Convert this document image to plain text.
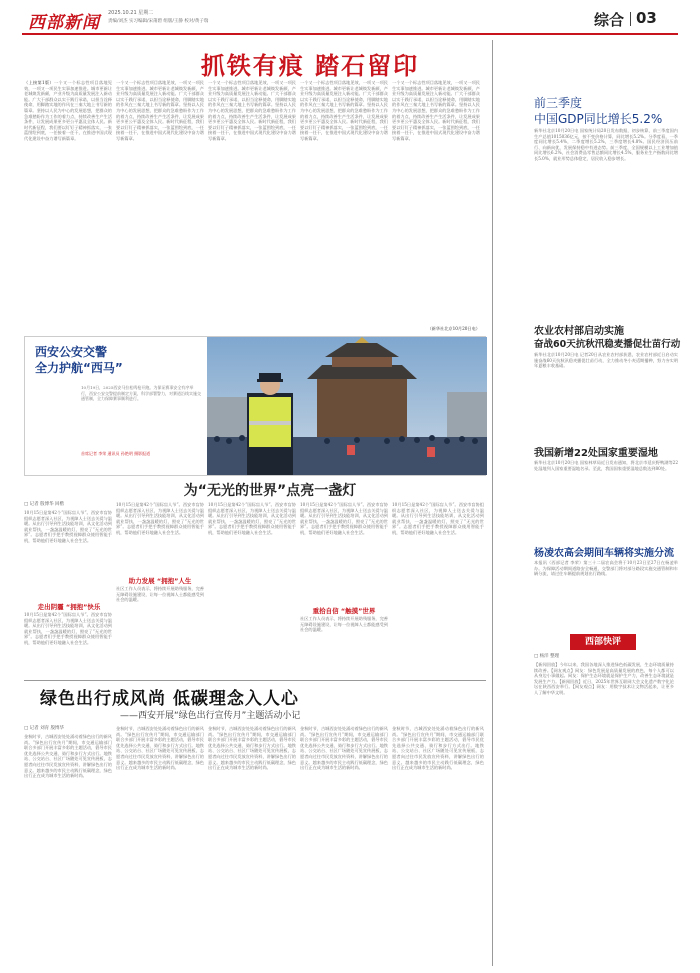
西部新闻 2025.10.21 星期二
责编/刘杰 实习编辑/宋莆碧 组版/王静 校对/黄子瑞	综合 03
抓铁有痕 踏石留印
（上接第1版）一个又一个标志性项目落地见效，一项又一项民生实事加速推进。城市更新让老城焕发新颜，产业升级为高质量发展注入新动能。广大干部群众以实干践行承诺，以担当诠释使命，用脚踏实地的作风在三秦大地上书写新的篇章。坚持以人民为中心的发展思想，把群众的急难愁盼作为工作的着力点，持续改善生产生活条件，让发展成果更多更公平惠及全体人民。新时代新征程，我们要以钉钉子精神抓落实，一张蓝图绘到底，一任接着一任干，在推进中国式现代化建设中奋力谱写新篇章。
一个又一个标志性项目落地见效，一项又一项民生实事加速推进。城市更新让老城焕发新颜，产业升级为高质量发展注入新动能。广大干部群众以实干践行承诺，以担当诠释使命，用脚踏实地的作风在三秦大地上书写新的篇章。坚持以人民为中心的发展思想，把群众的急难愁盼作为工作的着力点，持续改善生产生活条件，让发展成果更多更公平惠及全体人民。新时代新征程，我们要以钉钉子精神抓落实，一张蓝图绘到底，一任接着一任干，在推进中国式现代化建设中奋力谱写新篇章。
一个又一个标志性项目落地见效，一项又一项民生实事加速推进。城市更新让老城焕发新颜，产业升级为高质量发展注入新动能。广大干部群众以实干践行承诺，以担当诠释使命，用脚踏实地的作风在三秦大地上书写新的篇章。坚持以人民为中心的发展思想，把群众的急难愁盼作为工作的着力点，持续改善生产生活条件，让发展成果更多更公平惠及全体人民。新时代新征程，我们要以钉钉子精神抓落实，一张蓝图绘到底，一任接着一任干，在推进中国式现代化建设中奋力谱写新篇章。
一个又一个标志性项目落地见效，一项又一项民生实事加速推进。城市更新让老城焕发新颜，产业升级为高质量发展注入新动能。广大干部群众以实干践行承诺，以担当诠释使命，用脚踏实地的作风在三秦大地上书写新的篇章。坚持以人民为中心的发展思想，把群众的急难愁盼作为工作的着力点，持续改善生产生活条件，让发展成果更多更公平惠及全体人民。新时代新征程，我们要以钉钉子精神抓落实，一张蓝图绘到底，一任接着一任干，在推进中国式现代化建设中奋力谱写新篇章。
一个又一个标志性项目落地见效，一项又一项民生实事加速推进。城市更新让老城焕发新颜，产业升级为高质量发展注入新动能。广大干部群众以实干践行承诺，以担当诠释使命，用脚踏实地的作风在三秦大地上书写新的篇章。坚持以人民为中心的发展思想，把群众的急难愁盼作为工作的着力点，持续改善生产生活条件，让发展成果更多更公平惠及全体人民。新时代新征程，我们要以钉钉子精神抓落实，一张蓝图绘到底，一任接着一任干，在推进中国式现代化建设中奋力谱写新篇章。
（新华社北京10月20日电）
西安公安交警
全力护航“西马”
10月19日，2025西安马拉松鸣枪开跑。为保证赛事安全有序举行，西安公安交警提前制定方案，科学部署警力，对赛道沿线实施交通管制，全力保障赛事顺利进行。
首席记者 李荣 通讯员 孙艳明 摄影报道
为“无光的世界”点亮一盏灯
□ 记者 殷博华 回楷
10月15日是第42个“国际盲人节”。西安市盲协组织志愿者深入社区，为视障人士送去关爱与温暖。从出行引导到生活技能培训，从文化活动到就业帮扶，一盏盏温暖的灯，照亮了“无光的世界”。志愿者们手把手教授视障群众使用智能手机，帮助他们更好地融入社会生活。
走出阴霾 “拥抱”快乐
10月15日是第42个“国际盲人节”。西安市盲协组织志愿者深入社区，为视障人士送去关爱与温暖。从出行引导到生活技能培训，从文化活动到就业帮扶，一盏盏温暖的灯，照亮了“无光的世界”。志愿者们手把手教授视障群众使用智能手机，帮助他们更好地融入社会生活。
10月15日是第42个“国际盲人节”。西安市盲协组织志愿者深入社区，为视障人士送去关爱与温暖。从出行引导到生活技能培训，从文化活动到就业帮扶，一盏盏温暖的灯，照亮了“无光的世界”。志愿者们手把手教授视障群众使用智能手机，帮助他们更好地融入社会生活。
助力发展 “拥抱”人生
社区工作人员表示，将持续开展助残服务，完善无障碍设施建设，让每一位视障人士都能感受到社会的温暖。
10月15日是第42个“国际盲人节”。西安市盲协组织志愿者深入社区，为视障人士送去关爱与温暖。从出行引导到生活技能培训，从文化活动到就业帮扶，一盏盏温暖的灯，照亮了“无光的世界”。志愿者们手把手教授视障群众使用智能手机，帮助他们更好地融入社会生活。
10月15日是第42个“国际盲人节”。西安市盲协组织志愿者深入社区，为视障人士送去关爱与温暖。从出行引导到生活技能培训，从文化活动到就业帮扶，一盏盏温暖的灯，照亮了“无光的世界”。志愿者们手把手教授视障群众使用智能手机，帮助他们更好地融入社会生活。
重拾自信 “触摸”世界
社区工作人员表示，将持续开展助残服务，完善无障碍设施建设，让每一位视障人士都能感受到社会的温暖。
10月15日是第42个“国际盲人节”。西安市盲协组织志愿者深入社区，为视障人士送去关爱与温暖。从出行引导到生活技能培训，从文化活动到就业帮扶，一盏盏温暖的灯，照亮了“无光的世界”。志愿者们手把手教授视障群众使用智能手机，帮助他们更好地融入社会生活。
绿色出行成风尚 低碳理念入人心
——西安开展“绿色出行宣传月”主题活动小记
□ 记者 刘育 殷博华
金秋时节，古城西安处处涌动着绿色出行的新风尚。“绿色出行宣传月”期间，市交通运输部门联合多部门开展丰富多彩的主题活动，倡导市民优先选择公共交通、骑行和步行方式出行。地铁站、公交站台、社区广场随处可见宣传展板，志愿者向过往市民发放宣传资料，讲解绿色出行的意义。越来越多的市民主动践行低碳理念，绿色出行正在成为城市生活的新时尚。
金秋时节，古城西安处处涌动着绿色出行的新风尚。“绿色出行宣传月”期间，市交通运输部门联合多部门开展丰富多彩的主题活动，倡导市民优先选择公共交通、骑行和步行方式出行。地铁站、公交站台、社区广场随处可见宣传展板，志愿者向过往市民发放宣传资料，讲解绿色出行的意义。越来越多的市民主动践行低碳理念，绿色出行正在成为城市生活的新时尚。
金秋时节，古城西安处处涌动着绿色出行的新风尚。“绿色出行宣传月”期间，市交通运输部门联合多部门开展丰富多彩的主题活动，倡导市民优先选择公共交通、骑行和步行方式出行。地铁站、公交站台、社区广场随处可见宣传展板，志愿者向过往市民发放宣传资料，讲解绿色出行的意义。越来越多的市民主动践行低碳理念，绿色出行正在成为城市生活的新时尚。
金秋时节，古城西安处处涌动着绿色出行的新风尚。“绿色出行宣传月”期间，市交通运输部门联合多部门开展丰富多彩的主题活动，倡导市民优先选择公共交通、骑行和步行方式出行。地铁站、公交站台、社区广场随处可见宣传展板，志愿者向过往市民发放宣传资料，讲解绿色出行的意义。越来越多的市民主动践行低碳理念，绿色出行正在成为城市生活的新时尚。
金秋时节，古城西安处处涌动着绿色出行的新风尚。“绿色出行宣传月”期间，市交通运输部门联合多部门开展丰富多彩的主题活动，倡导市民优先选择公共交通、骑行和步行方式出行。地铁站、公交站台、社区广场随处可见宣传展板，志愿者向过往市民发放宣传资料，讲解绿色出行的意义。越来越多的市民主动践行低碳理念，绿色出行正在成为城市生活的新时尚。
前三季度
中国GDP同比增长5.2%
新华社北京10月20日电 国家统计局20日发布数据，初步核算，前三季度国内生产总值1015036亿元，按不变价格计算，同比增长5.2%。分季度看，一季度同比增长5.4%，二季度增长5.2%，三季度增长4.8%。国民经济顶压前行、向新向优，发展保持稳中有进态势。前三季度，全国规模以上工业增加值同比增长6.2%，社会消费品零售总额同比增长4.5%，服务业生产指数同比增长5.0%，就业形势总体稳定，居民收入稳步增长。
农业农村部启动实施
奋战60天抗秋汛稳麦播促壮苗行动
新华社北京10月20日电 记者20日从农业农村部获悉，农业农村部近日启动实施奋战60天抗秋汛稳麦播促壮苗行动，全力推动冬小麦适期播种，努力夯实明年夏粮丰收基础。
我国新增22处国家重要湿地
新华社北京10月20日电 国家林草局近日发布通知，将北京市延庆野鸭湖等22处湿地列入国家重要湿地名录。至此，我国国家重要湿地总数达到80处。
杨凌农高会期间车辆将实施分流
本报讯（西部记者 李荣）第三十二届农高会将于10月23日至27日在杨凌举办。为保障活动期间道路安全畅通，交警部门将对部分路段实施交通管制和车辆分流，请过往车辆提前规划出行路线。
西部快评
□ 杨洋 整理
【新闻回放】今年以来，我国各地深入推进绿色低碳发展，生态环境质量持续改善。【网友观点】网友：绿色发展是高质量发展的底色，每个人都可以从身边小事做起。网友：保护生态环境就是保护生产力，改善生态环境就是发展生产力。【新闻回放】近日，2025年世界互联网大会文化遗产数字化论坛在陕西西安举行。【网友观点】网友：用数字技术让文物活起来，让更多人了解中华文明。
